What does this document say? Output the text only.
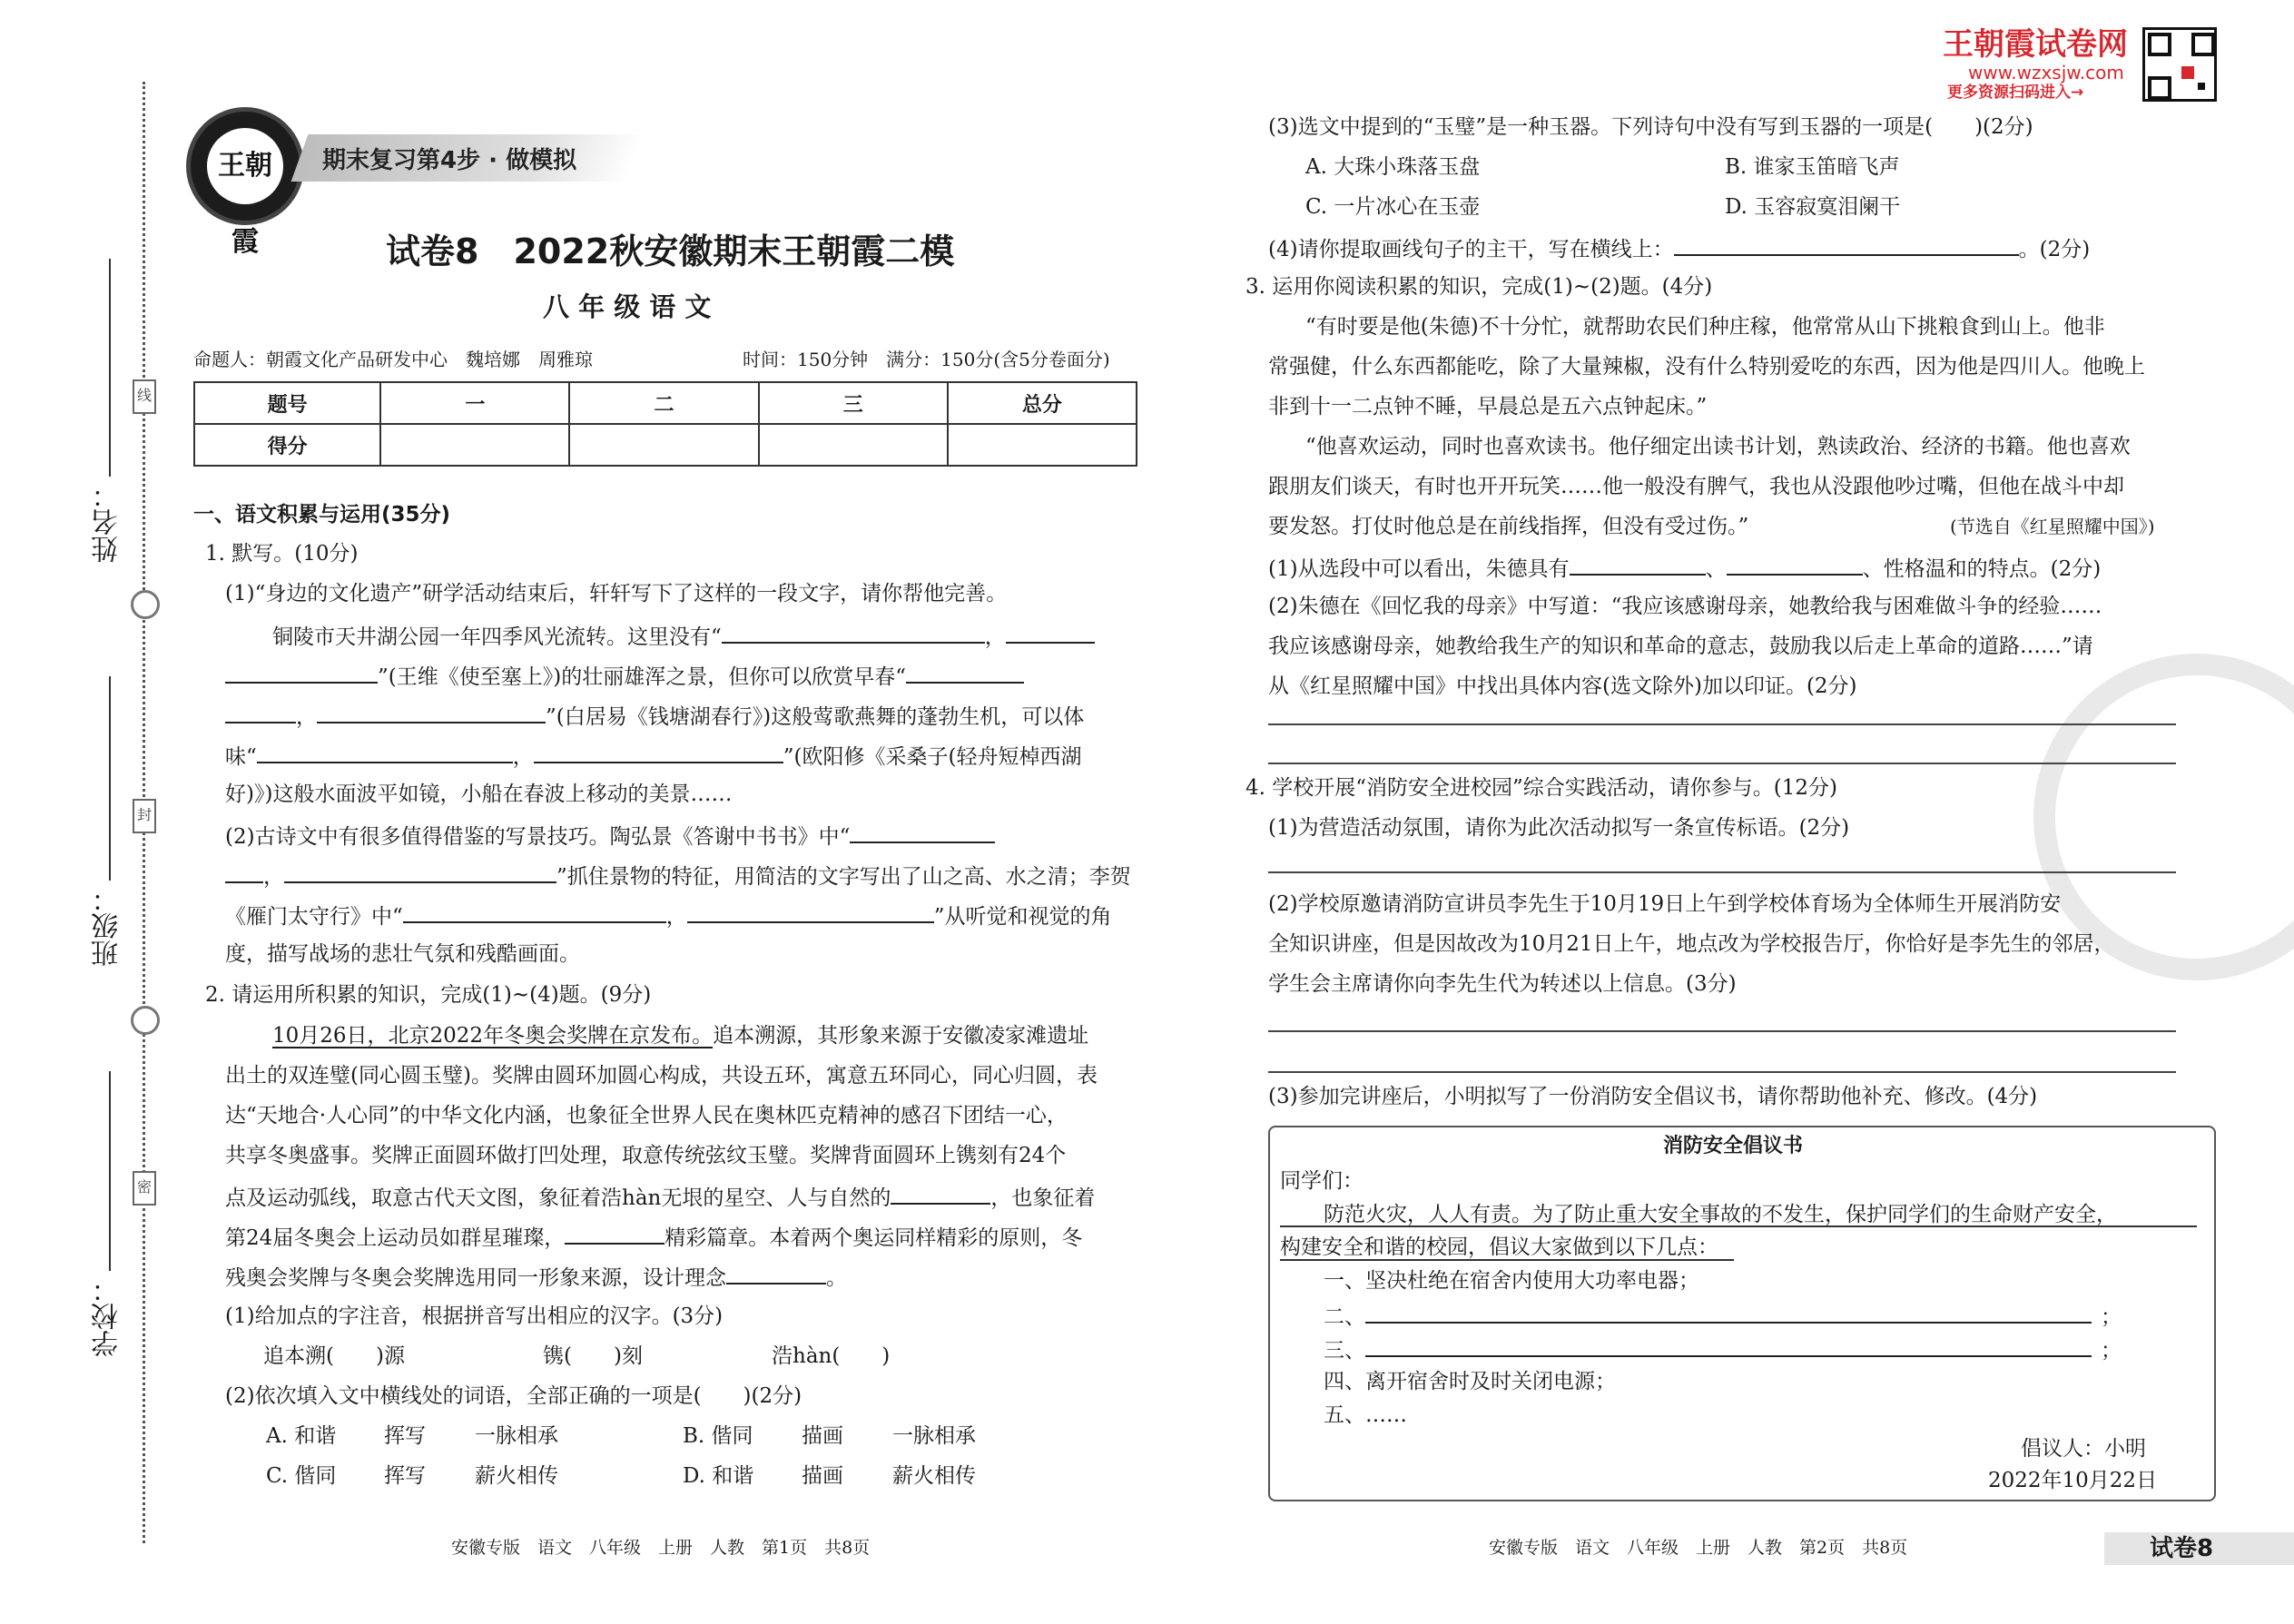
姓名：
班级：
学校：
线
封
密
王朝霞
期末复习第4步 · 做模拟
试卷8　2022秋安徽期末王朝霞二模
八 年 级 语 文
命题人：朝霞文化产品研发中心　魏培娜　周雅琼	时间：150分钟　满分：150分(含5分卷面分)
题号	一	二	三	总分
得分				
一、语文积累与运用(35分)
1. 默写。(10分)
(1)“身边的文化遗产”研学活动结束后，轩轩写下了这样的一段文字，请你帮他完善。
铜陵市天井湖公园一年四季风光流转。这里没有“	，
”(王维《使至塞上》)的壮丽雄浑之景，但你可以欣赏早春“
，	”(白居易《钱塘湖春行》)这般莺歌燕舞的蓬勃生机，可以体
味“	，	”(欧阳修《采桑子(轻舟短棹西湖
好)》)这般水面波平如镜，小船在春波上移动的美景……
(2)古诗文中有很多值得借鉴的写景技巧。陶弘景《答谢中书书》中“
，	”抓住景物的特征，用简洁的文字写出了山之高、水之清；李贺
《雁门太守行》中“	，	”从听觉和视觉的角
度，描写战场的悲壮气氛和残酷画面。
2. 请运用所积累的知识，完成(1)~(4)题。(9分)
10月26日，北京2022年冬奥会奖牌在京发布。追本溯源，其形象来源于安徽凌家滩遗址
出土的双连璧(同心圆玉璧)。奖牌由圆环加圆心构成，共设五环，寓意五环同心，同心归圆，表
达“天地合·人心同”的中华文化内涵，也象征全世界人民在奥林匹克精神的感召下团结一心，
共享冬奥盛事。奖牌正面圆环做打凹处理，取意传统弦纹玉璧。奖牌背面圆环上镌刻有24个
点及运动弧线，取意古代天文图，象征着浩hàn无垠的星空、人与自然的	，也象征着
第24届冬奥会上运动员如群星璀璨，	精彩篇章。本着两个奥运同样精彩的原则，冬
残奥会奖牌与冬奥会奖牌选用同一形象来源，设计理念	。
(1)给加点的字注音，根据拼音写出相应的汉字。(3分)
追本溯(　　)源	镌(　　)刻	浩hàn(　　)
(2)依次填入文中横线处的词语，全部正确的一项是(　　)(2分)
A. 和谐 挥写 一脉相承	B. 偕同 描画 一脉相承
C. 偕同 挥写 薪火相传	D. 和谐 描画 薪火相传
安徽专版　语文　八年级　上册　人教　第1页　共8页
王朝霞试卷网
www.wzxsjw.com
更多资源扫码进入→
(3)选文中提到的“玉璧”是一种玉器。下列诗句中没有写到玉器的一项是(　　)(2分)
A. 大珠小珠落玉盘	B. 谁家玉笛暗飞声
C. 一片冰心在玉壶	D. 玉容寂寞泪阑干
(4)请你提取画线句子的主干，写在横线上：	。(2分)
3. 运用你阅读积累的知识，完成(1)~(2)题。(4分)
“有时要是他(朱德)不十分忙，就帮助农民们种庄稼，他常常从山下挑粮食到山上。他非
常强健，什么东西都能吃，除了大量辣椒，没有什么特别爱吃的东西，因为他是四川人。他晚上
非到十一二点钟不睡，早晨总是五六点钟起床。”
“他喜欢运动，同时也喜欢读书。他仔细定出读书计划，熟读政治、经济的书籍。他也喜欢
跟朋友们谈天，有时也开开玩笑……他一般没有脾气，我也从没跟他吵过嘴，但他在战斗中却
要发怒。打仗时他总是在前线指挥，但没有受过伤。”	(节选自《红星照耀中国》)
(1)从选段中可以看出，朱德具有	、	、性格温和的特点。(2分)
(2)朱德在《回忆我的母亲》中写道：“我应该感谢母亲，她教给我与困难做斗争的经验……
我应该感谢母亲，她教给我生产的知识和革命的意志，鼓励我以后走上革命的道路……”请
从《红星照耀中国》中找出具体内容(选文除外)加以印证。(2分)
4. 学校开展“消防安全进校园”综合实践活动，请你参与。(12分)
(1)为营造活动氛围，请你为此次活动拟写一条宣传标语。(2分)
(2)学校原邀请消防宣讲员李先生于10月19日上午到学校体育场为全体师生开展消防安
全知识讲座，但是因故改为10月21日上午，地点改为学校报告厅，你恰好是李先生的邻居，
学生会主席请你向李先生代为转述以上信息。(3分)
(3)参加完讲座后，小明拟写了一份消防安全倡议书，请你帮助他补充、修改。(4分)
消防安全倡议书
同学们：
防范火灾，人人有责。为了防止重大安全事故的不发生，保护同学们的生命财产安全，
构建安全和谐的校园，倡议大家做到以下几点：
一、坚决杜绝在宿舍内使用大功率电器；
二、	；
三、	；
四、离开宿舍时及时关闭电源；
五、……
倡议人：小明
2022年10月22日
安徽专版　语文　八年级　上册　人教　第2页　共8页	试卷8
